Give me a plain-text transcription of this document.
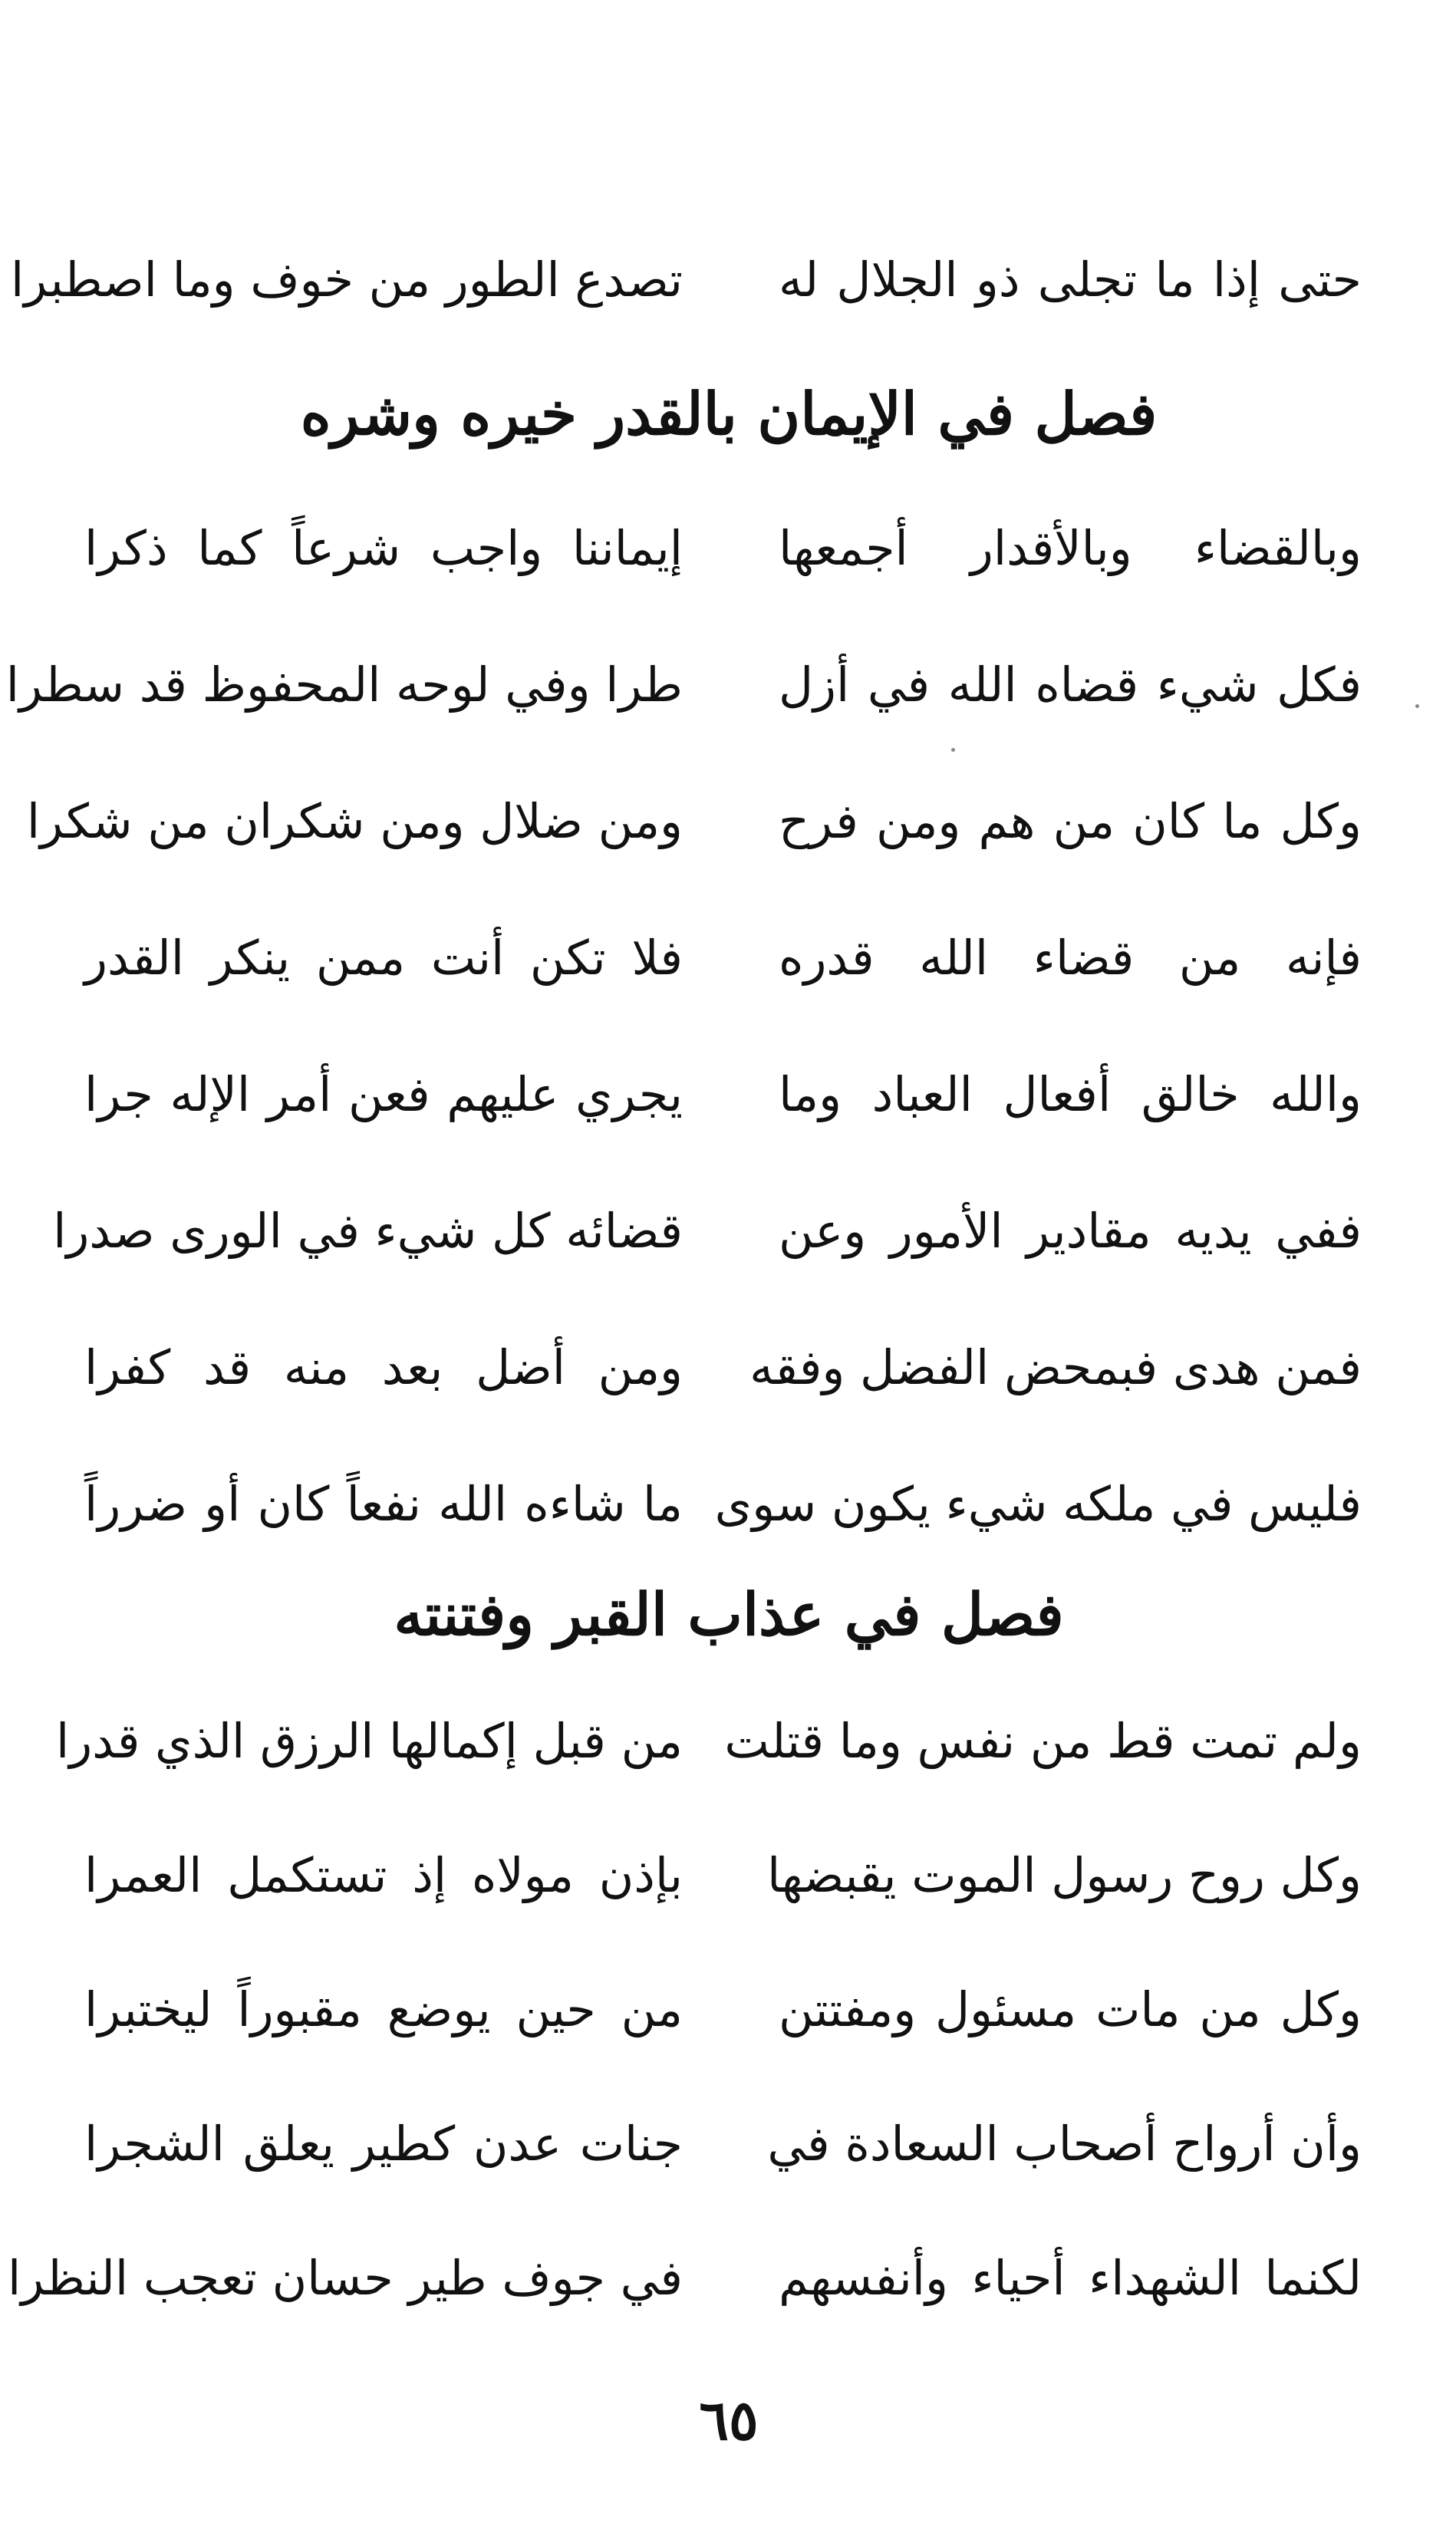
حتى إذا ما تجلى ذو الجلال له
تصدع الطور من خوف وما اصطبرا
فصل في الإيمان بالقدر خيره وشره
وبالقضاء وبالأقدار أجمعها
إيماننا واجب شرعاً كما ذكرا
فكل شيء قضاه الله في أزل
طرا وفي لوحه المحفوظ قد سطرا
وكل ما كان من هم ومن فرح
ومن ضلال ومن شكران من شكرا
فإنه من قضاء الله قدره
فلا تكن أنت ممن ينكر القدر
والله خالق أفعال العباد وما
يجري عليهم فعن أمر الإله جرا
ففي يديه مقادير الأمور وعن
قضائه كل شيء في الورى صدرا
فمن هدى فبمحض الفضل وفقه
ومن أضل بعد منه قد كفرا
فليس في ملكه شيء يكون سوى
ما شاءه الله نفعاً كان أو ضرراً
فصل في عذاب القبر وفتنته
ولم تمت قط من نفس وما قتلت
من قبل إكمالها الرزق الذي قدرا
وكل روح رسول الموت يقبضها
بإذن مولاه إذ تستكمل العمرا
وكل من مات مسئول ومفتتن
من حين يوضع مقبوراً ليختبرا
وأن أرواح أصحاب السعادة في
جنات عدن كطير يعلق الشجرا
لكنما الشهداء أحياء وأنفسهم
في جوف طير حسان تعجب النظرا
٦٥
